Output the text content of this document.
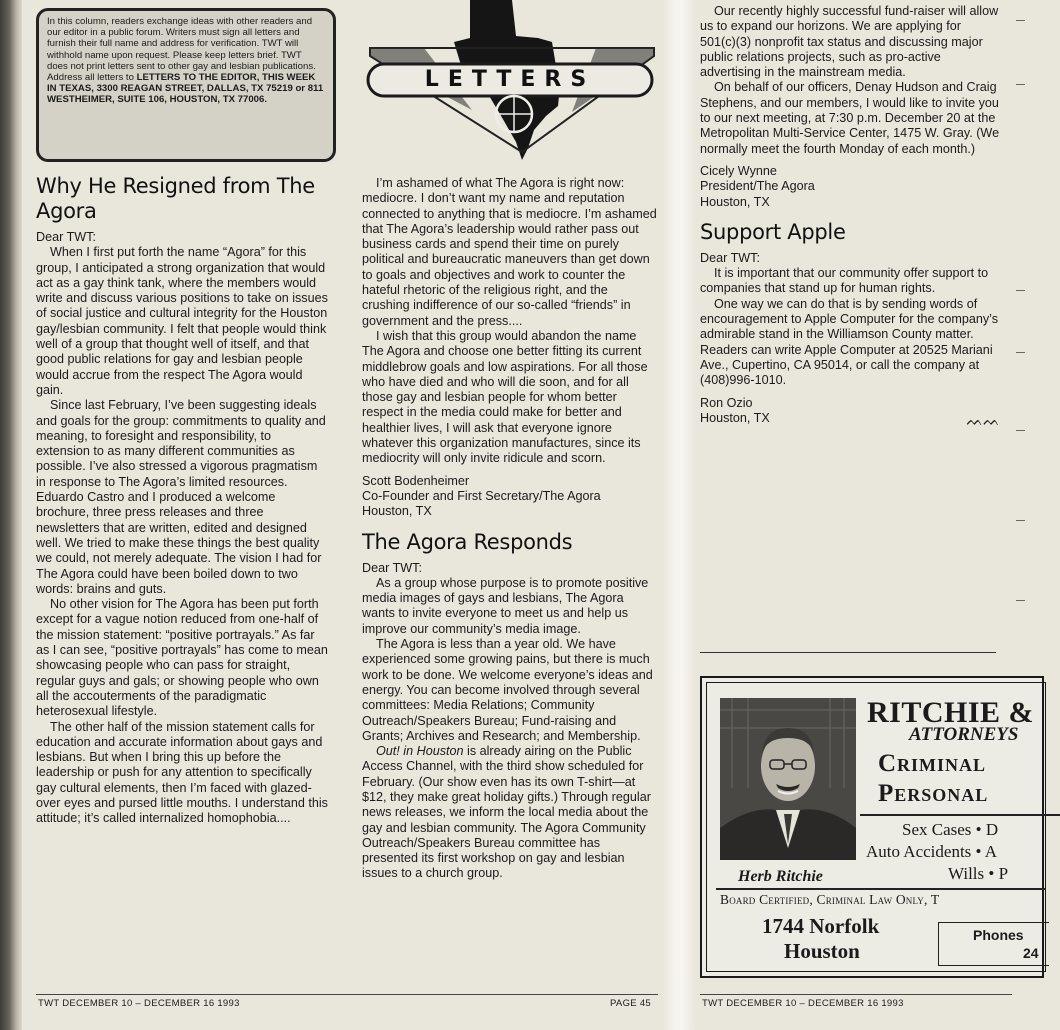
In this column, readers exchange ideas with other readers and our editor in a public forum. Writers must sign all letters and furnish their full name and address for verification. TWT will withhold name upon request. Please keep letters brief. TWT does not print letters sent to other gay and lesbian publications. Address all letters to LETTERS TO THE EDITOR, THIS WEEK IN TEXAS, 3300 REAGAN STREET, DALLAS, TX 75219 or 811 WESTHEIMER, SUITE 106, HOUSTON, TX 77006.
LETTERS
Why He Resigned from The Agora

Dear TWT:

When I first put forth the name “Agora” for this group, I anticipated a strong organization that would act as a gay think tank, where the members would write and discuss various positions to take on issues of social justice and cultural integrity for the Houston gay/lesbian community. I felt that people would think well of a group that thought well of itself, and that good public relations for gay and lesbian people would accrue from the respect The Agora would gain.

Since last February, I’ve been suggesting ideals and goals for the group: commitments to quality and meaning, to foresight and responsibility, to extension to as many different communities as possible. I’ve also stressed a vigorous pragmatism in response to The Agora’s limited resources. Eduardo Castro and I produced a welcome brochure, three press releases and three newsletters that are written, edited and designed well. We tried to make these things the best quality we could, not merely adequate. The vision I had for The Agora could have been boiled down to two words: brains and guts.

No other vision for The Agora has been put forth except for a vague notion reduced from one-half of the mission statement: “positive portrayals.” As far as I can see, “positive portrayals” has come to mean showcasing people who can pass for straight, regular guys and gals; or showing people who own all the accouterments of the paradigmatic heterosexual lifestyle.

The other half of the mission statement calls for education and accurate information about gays and lesbians. But when I bring this up before the leadership or push for any attention to specifically gay cultural elements, then I’m faced with glazed-over eyes and pursed little mouths. I understand this attitude; it’s called internalized homophobia....

I’m ashamed of what The Agora is right now: mediocre. I don’t want my name and reputation connected to anything that is mediocre. I’m ashamed that The Agora’s leadership would rather pass out business cards and spend their time on purely political and bureaucratic maneuvers than get down to goals and objectives and work to counter the hateful rhetoric of the religious right, and the crushing indifference of our so-called “friends” in government and the press....

I wish that this group would abandon the name The Agora and choose one better fitting its current middlebrow goals and low aspirations. For all those who have died and who will die soon, and for all those gay and lesbian people for whom better respect in the media could make for better and healthier lives, I will ask that everyone ignore whatever this organization manufactures, since its mediocrity will only invite ridicule and scorn.

Scott Bodenheimer

Co-Founder and First Secretary/The Agora

Houston, TX

The Agora Responds

Dear TWT:

As a group whose purpose is to promote positive media images of gays and lesbians, The Agora wants to invite everyone to meet us and help us improve our community’s media image.

The Agora is less than a year old. We have experienced some growing pains, but there is much work to be done. We welcome everyone’s ideas and energy. You can become involved through several committees: Media Relations; Community Outreach/Speakers Bureau; Fund-raising and Grants; Archives and Research; and Membership.

Out! in Houston is already airing on the Public Access Channel, with the third show scheduled for February. (Our show even has its own T-shirt—at $12, they make great holiday gifts.) Through regular news releases, we inform the local media about the gay and lesbian community. The Agora Community Outreach/Speakers Bureau committee has presented its first workshop on gay and lesbian issues to a church group.

Our recently highly successful fund-raiser will allow us to expand our horizons. We are applying for 501(c)(3) nonprofit tax status and discussing major public relations projects, such as pro-active advertising in the mainstream media.

On behalf of our officers, Denay Hudson and Craig Stephens, and our members, I would like to invite you to our next meeting, at 7:30 p.m. December 20 at the Metropolitan Multi-Service Center, 1475 W. Gray. (We normally meet the fourth Monday of each month.)

Cicely Wynne

President/The Agora

Houston, TX

Support Apple

Dear TWT:

It is important that our community offer support to companies that stand up for human rights.

One way we can do that is by sending words of encouragement to Apple Computer for the company’s admirable stand in the Williamson County matter. Readers can write Apple Computer at 20525 Mariani Ave., Cupertino, CA 95014, or call the company at (408)996-1010.

Ron Ozio

Houston, TX	ᨓᨓ

RITCHIE &
ATTORNEYS
Criminal
Personal
Sex Cases • D
Auto Accidents • A
Wills • P
Herb Ritchie
Board Certified, Criminal Law Only, T
1744 Norfolk
Houston
Phones
24
TWT DECEMBER 10 – DECEMBER 16 1993	PAGE 45	TWT DECEMBER 10 – DECEMBER 16 1993
